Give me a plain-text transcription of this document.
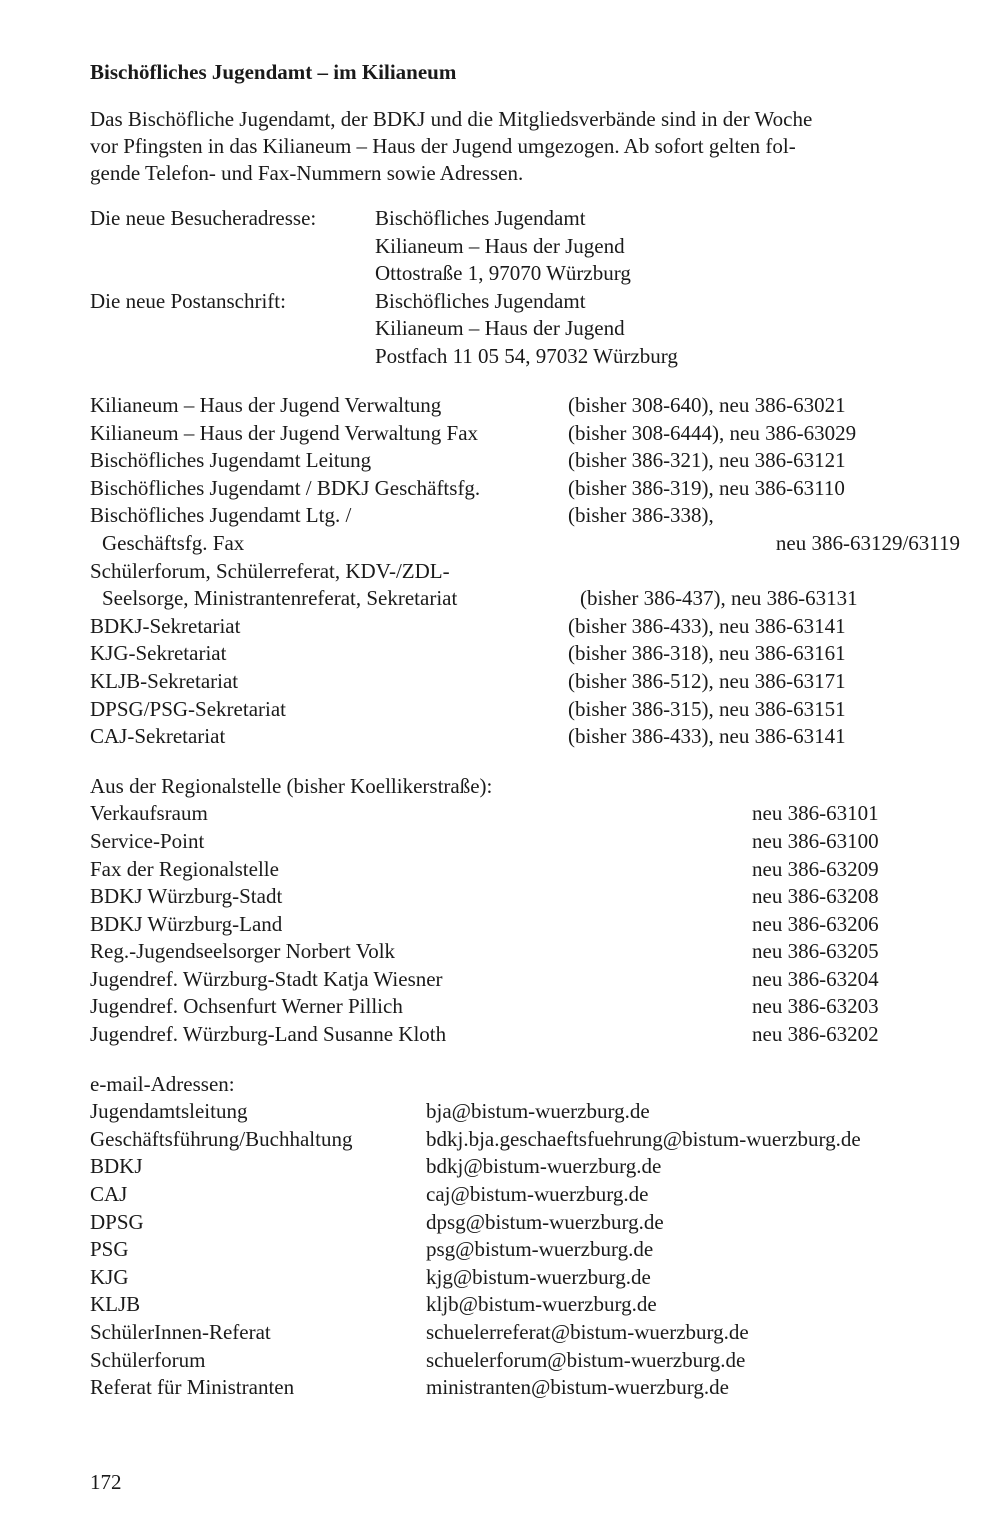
Bischöfliches Jugendamt – im Kilianeum

Das Bischöfliche Jugendamt, der BDKJ und die Mitgliedsverbände sind in der Woche
vor Pfingsten in das Kilianeum – Haus der Jugend umgezogen. Ab sofort gelten fol-
gende Telefon- und Fax-Nummern sowie Adressen.

Die neue Besucheradresse:	Bischöfliches Jugendamt
Kilianeum – Haus der Jugend
Ottostraße 1, 97070 Würzburg
Die neue Postanschrift:	Bischöfliches Jugendamt
Kilianeum – Haus der Jugend
Postfach 11 05 54, 97032 Würzburg
Kilianeum – Haus der Jugend Verwaltung	(bisher 308-640), neu 386-63021
Kilianeum – Haus der Jugend Verwaltung Fax	(bisher 308-6444), neu 386-63029
Bischöfliches Jugendamt Leitung	(bisher 386-321), neu 386-63121
Bischöfliches Jugendamt / BDKJ Geschäftsfg.	(bisher 386-319), neu 386-63110
Bischöfliches Jugendamt Ltg. /	(bisher 386-338),
Geschäftsfg. Fax	neu 386-63129/63119
Schülerforum, Schülerreferat, KDV-/ZDL-
Seelsorge, Ministrantenreferat, Sekretariat	(bisher 386-437), neu 386-63131
BDKJ-Sekretariat	(bisher 386-433), neu 386-63141
KJG-Sekretariat	(bisher 386-318), neu 386-63161
KLJB-Sekretariat	(bisher 386-512), neu 386-63171
DPSG/PSG-Sekretariat	(bisher 386-315), neu 386-63151
CAJ-Sekretariat	(bisher 386-433), neu 386-63141
Aus der Regionalstelle (bisher Koellikerstraße):
Verkaufsraum	neu 386-63101
Service-Point	neu 386-63100
Fax der Regionalstelle	neu 386-63209
BDKJ Würzburg-Stadt	neu 386-63208
BDKJ Würzburg-Land	neu 386-63206
Reg.-Jugendseelsorger Norbert Volk	neu 386-63205
Jugendref. Würzburg-Stadt Katja Wiesner	neu 386-63204
Jugendref. Ochsenfurt Werner Pillich	neu 386-63203
Jugendref. Würzburg-Land Susanne Kloth	neu 386-63202
e-mail-Adressen:
Jugendamtsleitung	bja@bistum-wuerzburg.de
Geschäftsführung/Buchhaltung	bdkj.bja.geschaeftsfuehrung@bistum-wuerzburg.de
BDKJ	bdkj@bistum-wuerzburg.de
CAJ	caj@bistum-wuerzburg.de
DPSG	dpsg@bistum-wuerzburg.de
PSG	psg@bistum-wuerzburg.de
KJG	kjg@bistum-wuerzburg.de
KLJB	kljb@bistum-wuerzburg.de
SchülerInnen-Referat	schuelerreferat@bistum-wuerzburg.de
Schülerforum	schuelerforum@bistum-wuerzburg.de
Referat für Ministranten	ministranten@bistum-wuerzburg.de
172
